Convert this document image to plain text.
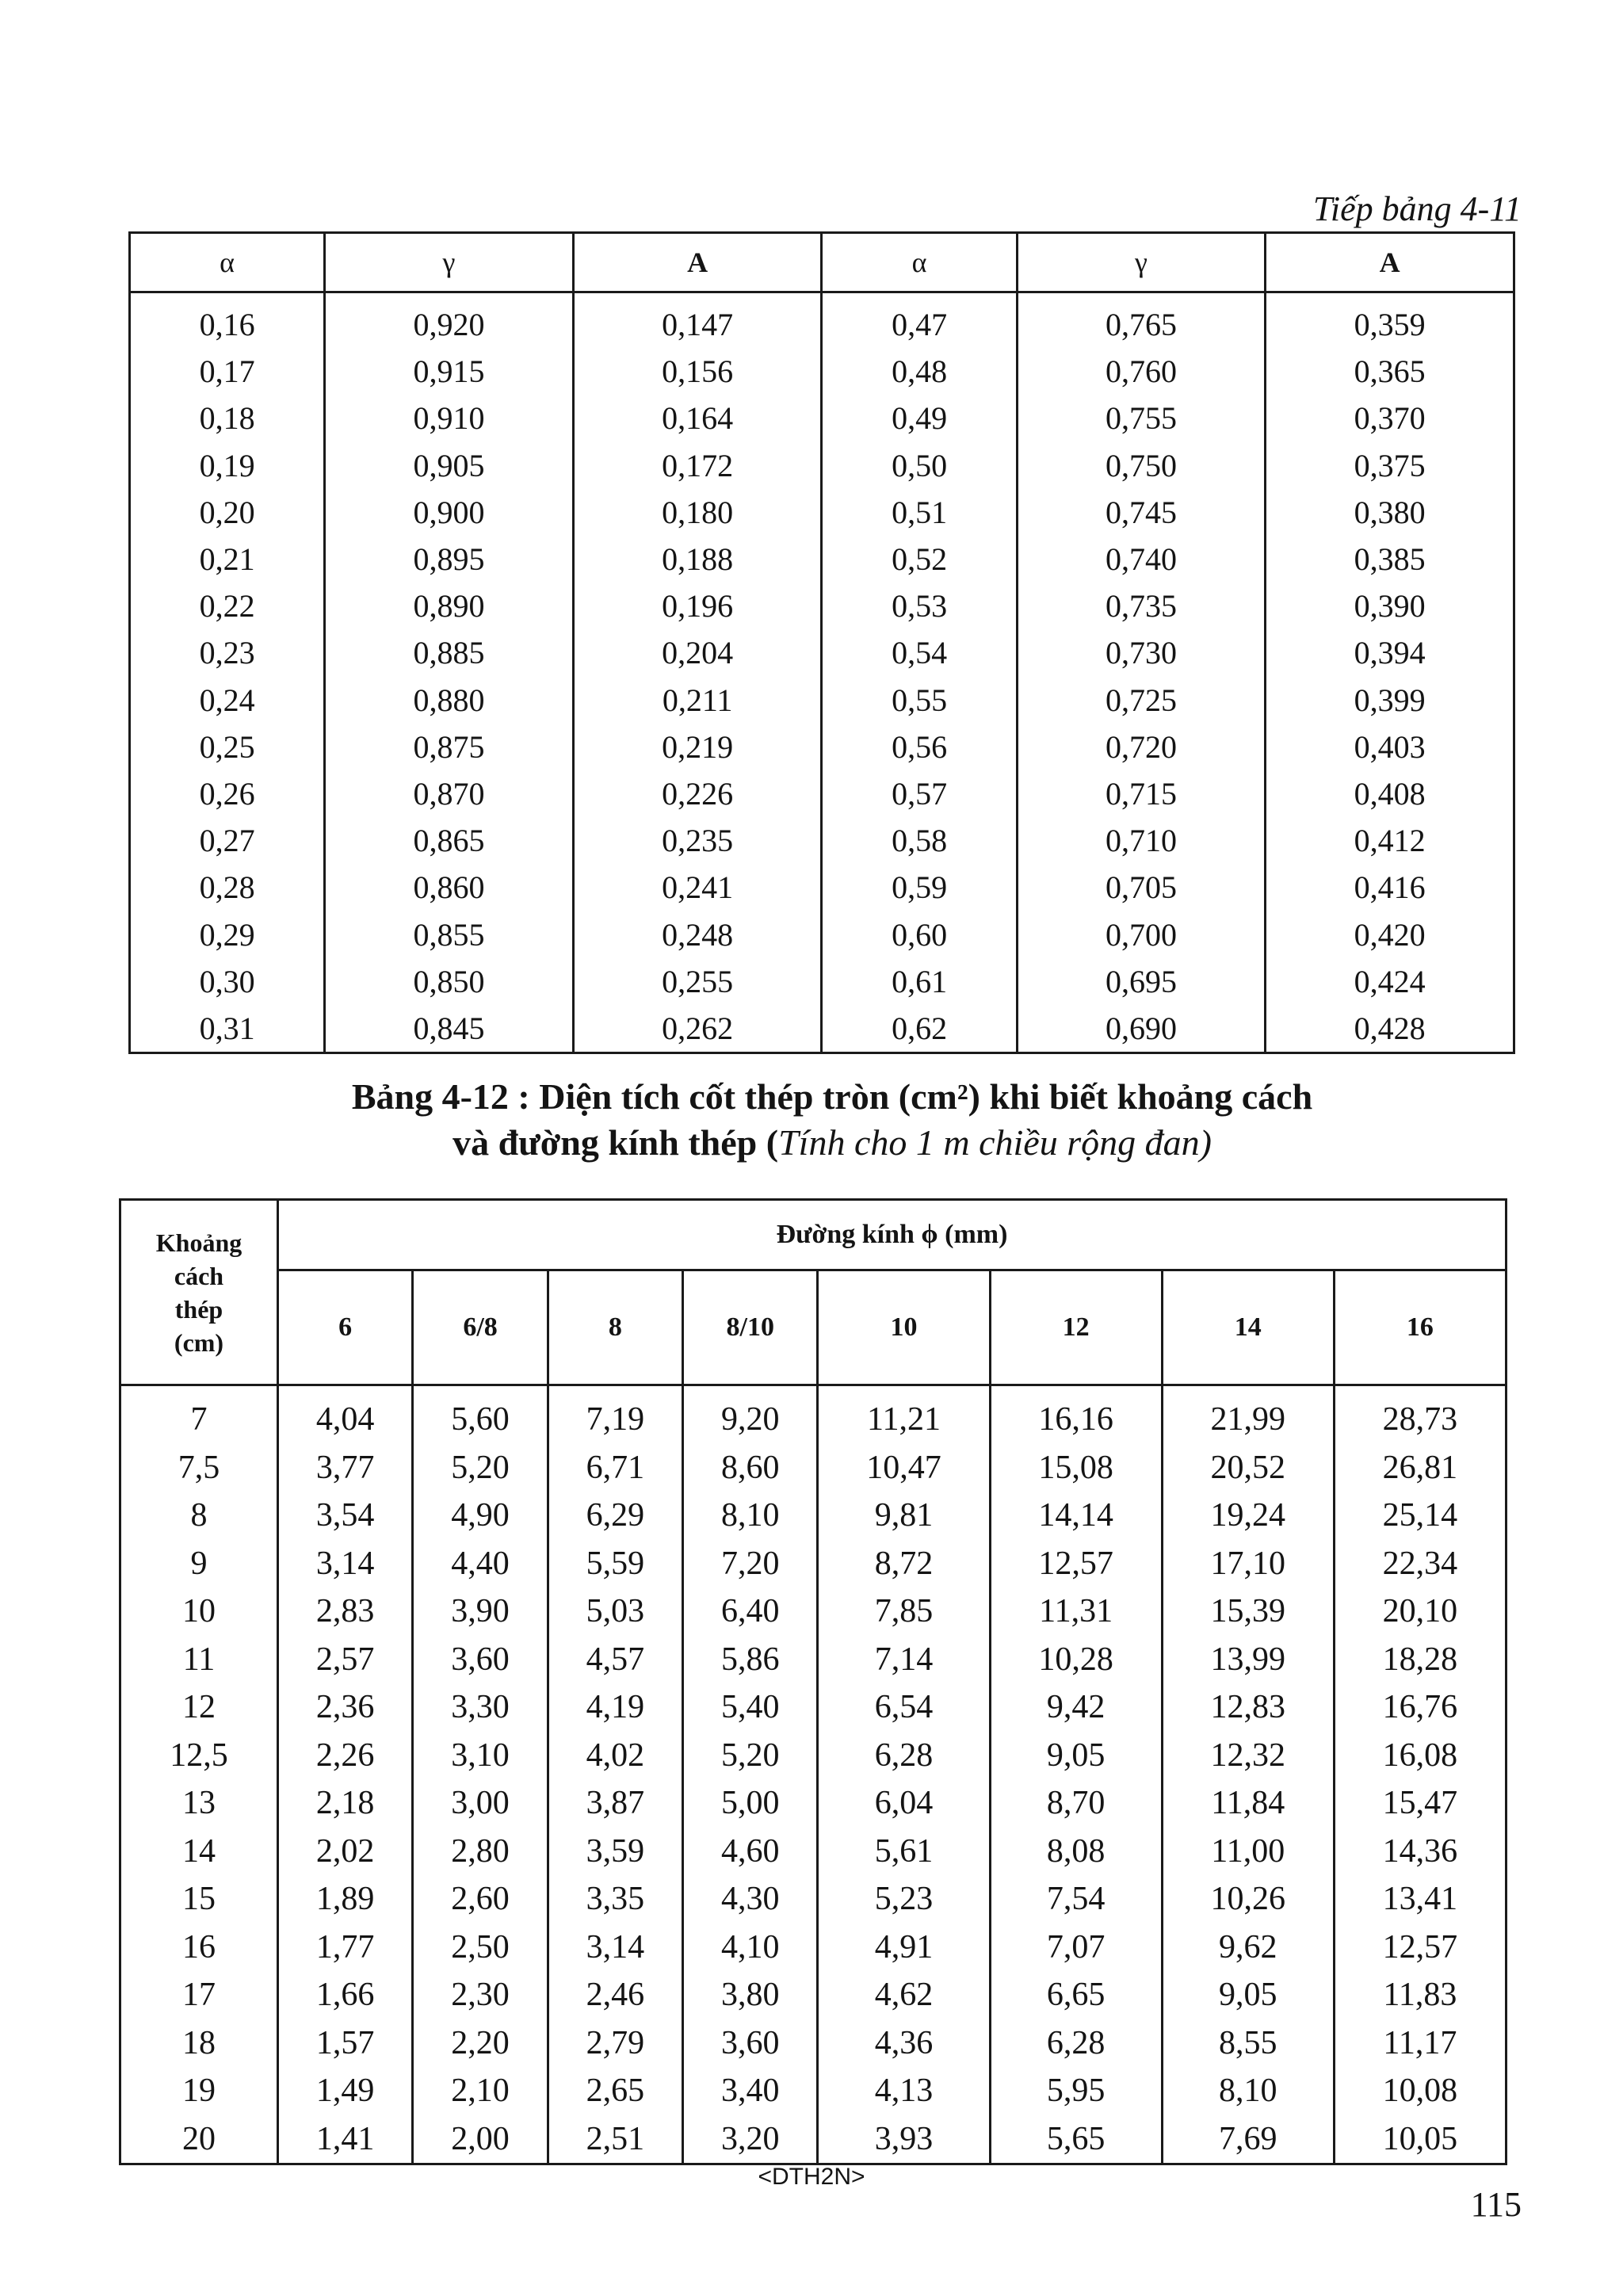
Tiếp bảng 4-11
α	γ	A	α	γ	A
0,16	0,920	0,147	0,47	0,765	0,359
0,17	0,915	0,156	0,48	0,760	0,365
0,18	0,910	0,164	0,49	0,755	0,370
0,19	0,905	0,172	0,50	0,750	0,375
0,20	0,900	0,180	0,51	0,745	0,380
0,21	0,895	0,188	0,52	0,740	0,385
0,22	0,890	0,196	0,53	0,735	0,390
0,23	0,885	0,204	0,54	0,730	0,394
0,24	0,880	0,211	0,55	0,725	0,399
0,25	0,875	0,219	0,56	0,720	0,403
0,26	0,870	0,226	0,57	0,715	0,408
0,27	0,865	0,235	0,58	0,710	0,412
0,28	0,860	0,241	0,59	0,705	0,416
0,29	0,855	0,248	0,60	0,700	0,420
0,30	0,850	0,255	0,61	0,695	0,424
0,31	0,845	0,262	0,62	0,690	0,428
Bảng 4-12 : Diện tích cốt thép tròn (cm²) khi biết khoảng cách
và đường kính thép (Tính cho 1 m chiều rộng đan)
Khoảng
cách
thép
(cm)	Đường kính ϕ (mm)							
	6	6/8	8	8/10	10	12	14	16
7	4,04	5,60	7,19	9,20	11,21	16,16	21,99	28,73
7,5	3,77	5,20	6,71	8,60	10,47	15,08	20,52	26,81
8	3,54	4,90	6,29	8,10	9,81	14,14	19,24	25,14
9	3,14	4,40	5,59	7,20	8,72	12,57	17,10	22,34
10	2,83	3,90	5,03	6,40	7,85	11,31	15,39	20,10
11	2,57	3,60	4,57	5,86	7,14	10,28	13,99	18,28
12	2,36	3,30	4,19	5,40	6,54	9,42	12,83	16,76
12,5	2,26	3,10	4,02	5,20	6,28	9,05	12,32	16,08
13	2,18	3,00	3,87	5,00	6,04	8,70	11,84	15,47
14	2,02	2,80	3,59	4,60	5,61	8,08	11,00	14,36
15	1,89	2,60	3,35	4,30	5,23	7,54	10,26	13,41
16	1,77	2,50	3,14	4,10	4,91	7,07	9,62	12,57
17	1,66	2,30	2,46	3,80	4,62	6,65	9,05	11,83
18	1,57	2,20	2,79	3,60	4,36	6,28	8,55	11,17
19	1,49	2,10	2,65	3,40	4,13	5,95	8,10	10,08
20	1,41	2,00	2,51	3,20	3,93	5,65	7,69	10,05
<DTH2N>
115
